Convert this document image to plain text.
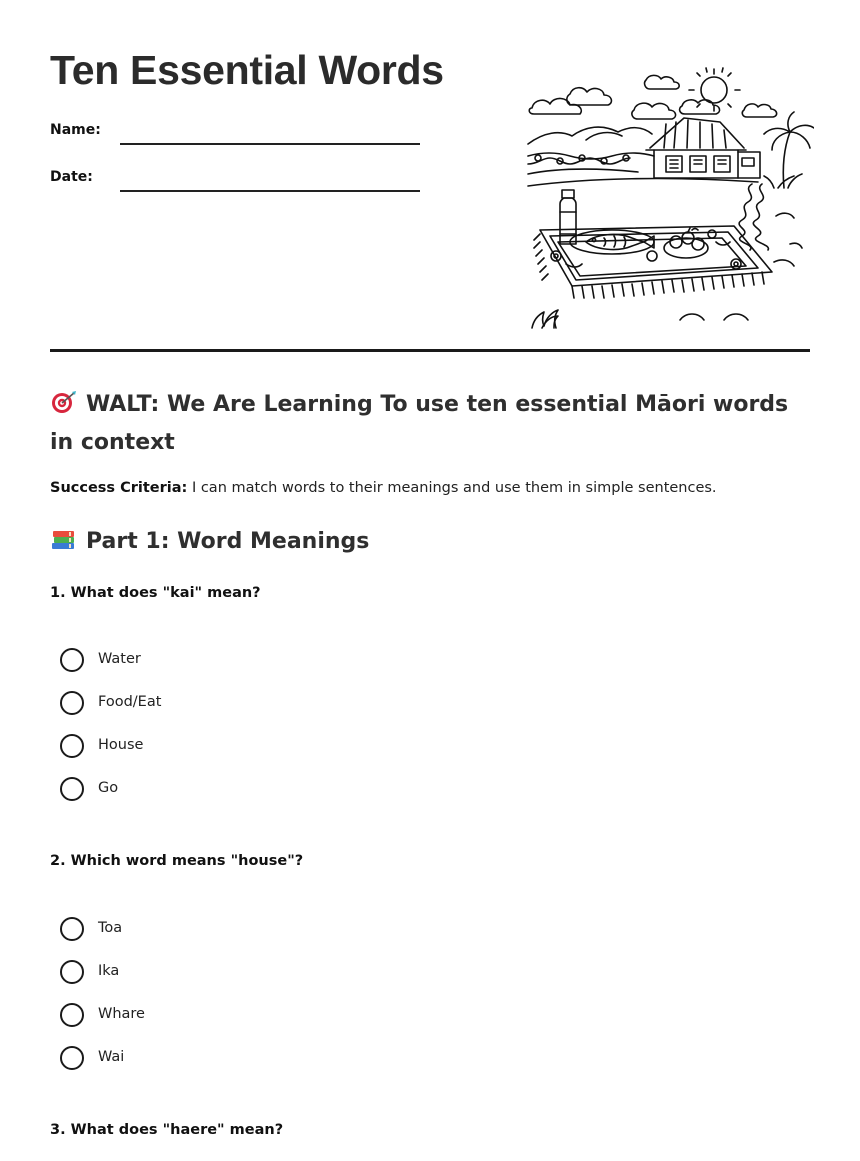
Ten Essential Words
Name:
Date:
WALT: We Are Learning To use ten essential Māori words in context

Success Criteria: I can match words to their meanings and use them in simple sentences.

Part 1: Word Meanings
1. What does "kai" mean?
Water
Food/Eat
House
Go
2. Which word means "house"?
Toa
Ika
Whare
Wai
3. What does "haere" mean?
